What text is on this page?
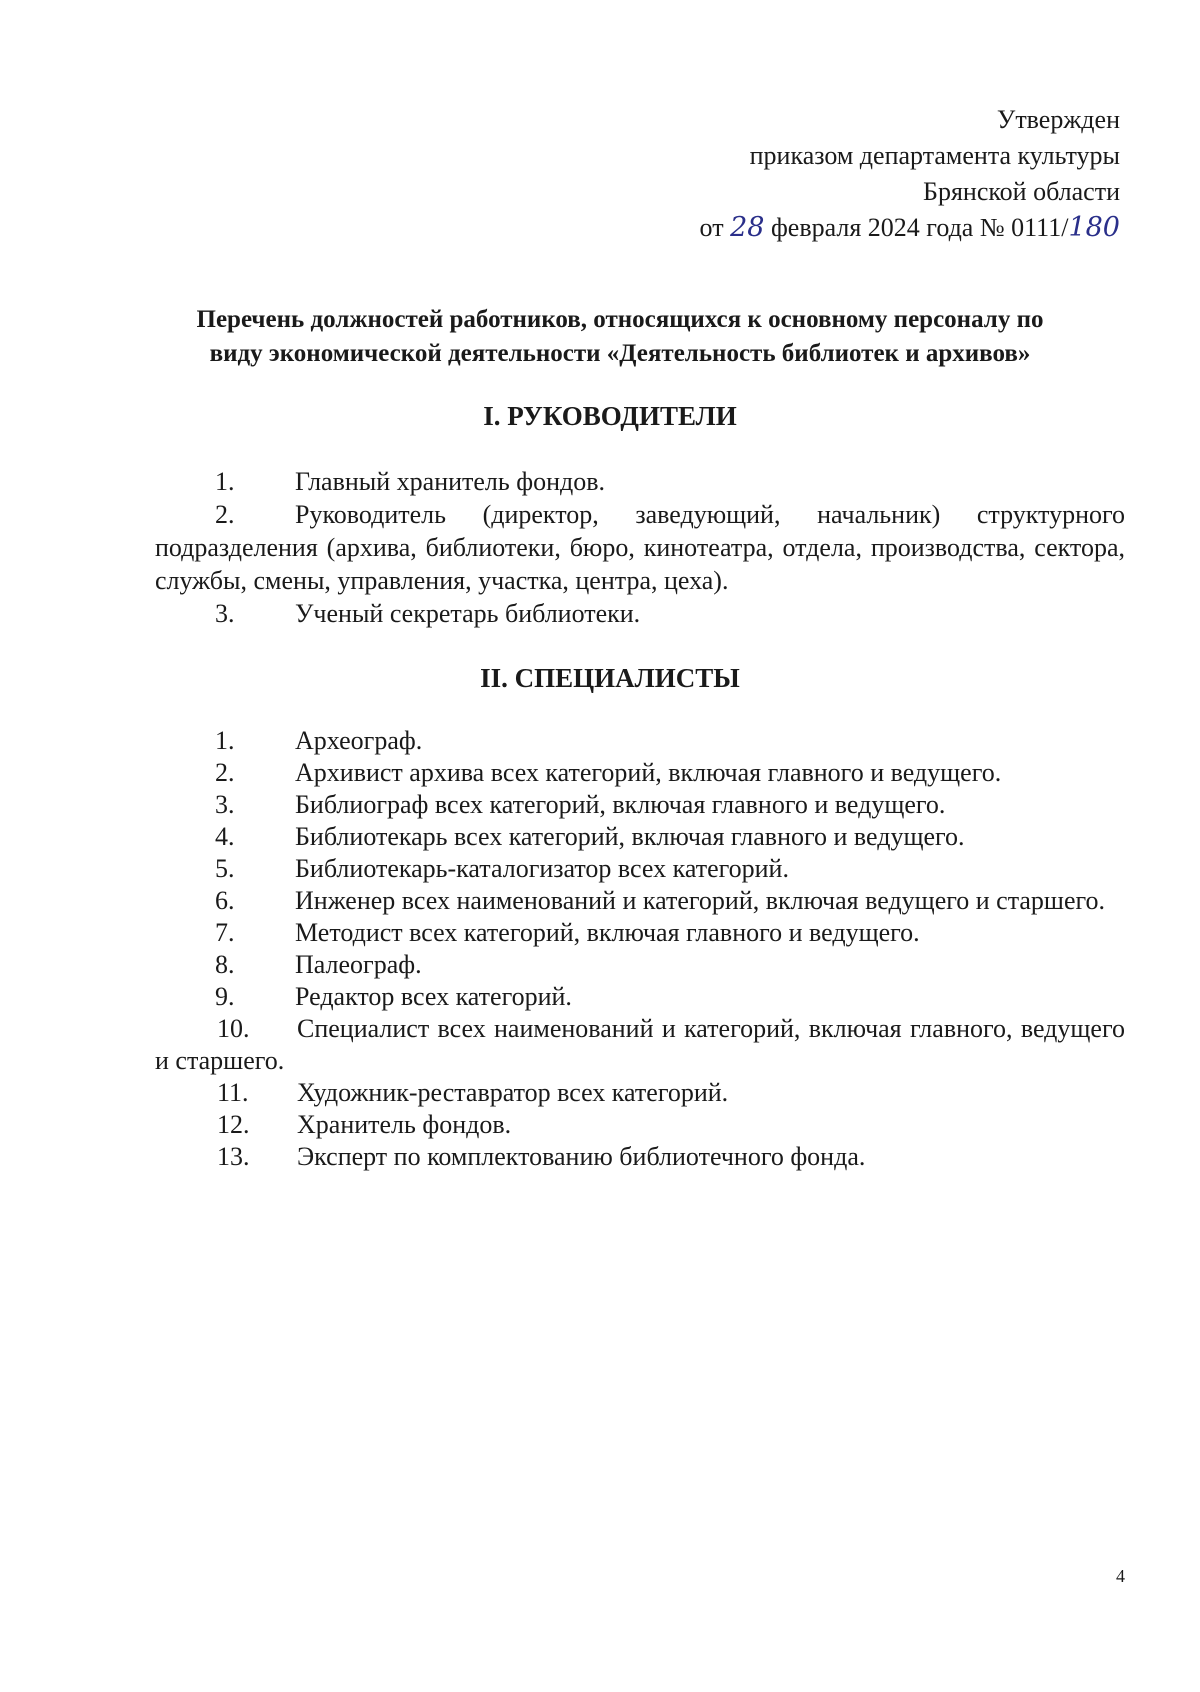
Утвержден
приказом департамента культуры
Брянской области
от 28 февраля 2024 года № 0111/180
Перечень должностей работников, относящихся к основному персоналу по
виду экономической деятельности «Деятельность библиотек и архивов»
I. РУКОВОДИТЕЛИ
1. Главный хранитель фондов.
2. Руководитель (директор, заведующий, начальник) структурного подразделения (архива, библиотеки, бюро, кинотеатра, отдела, производства, сектора, службы, смены, управления, участка, центра, цеха).
3. Ученый секретарь библиотеки.
II. СПЕЦИАЛИСТЫ
1. Археограф.
2. Архивист архива всех категорий, включая главного и ведущего.
3. Библиограф всех категорий, включая главного и ведущего.
4. Библиотекарь всех категорий, включая главного и ведущего.
5. Библиотекарь-каталогизатор всех категорий.
6. Инженер всех наименований и категорий, включая ведущего и старшего.
7. Методист всех категорий, включая главного и ведущего.
8. Палеограф.
9. Редактор всех категорий.
10. Специалист всех наименований и категорий, включая главного, ведущего и старшего.
11. Художник-реставратор всех категорий.
12. Хранитель фондов.
13. Эксперт по комплектованию библиотечного фонда.
4
